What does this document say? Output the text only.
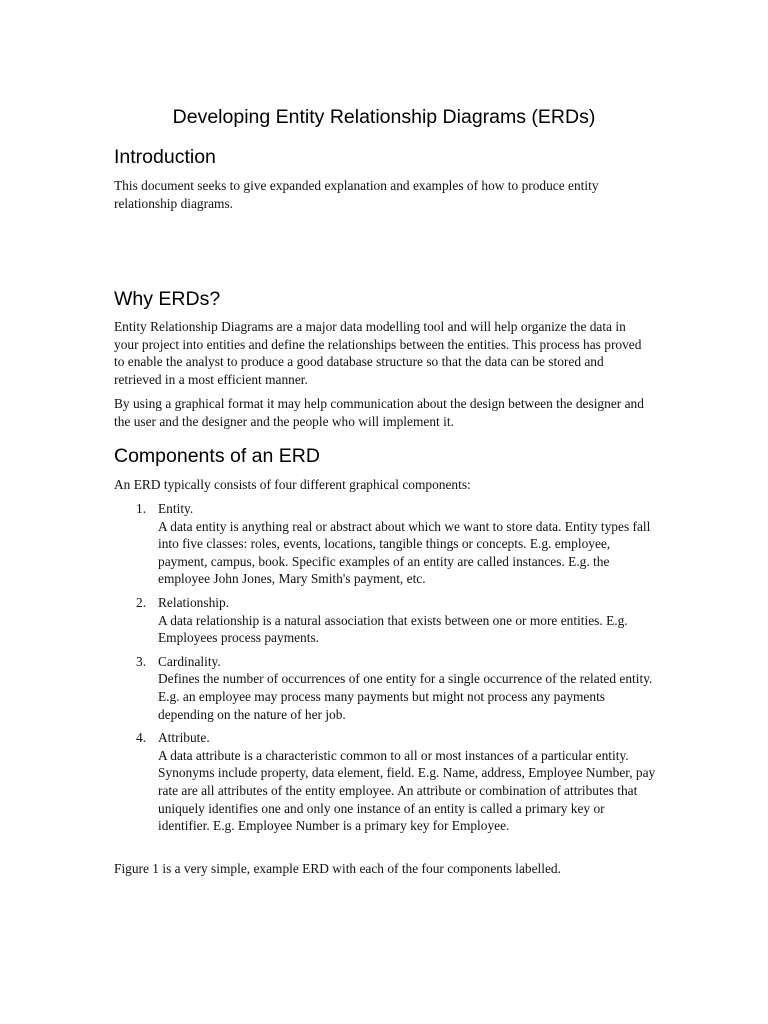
Developing Entity Relationship Diagrams (ERDs)
Introduction

This document seeks to give expanded explanation and examples of how to produce entity relationship diagrams.

Why ERDs?

Entity Relationship Diagrams are a major data modelling tool and will help organize the data in your project into entities and define the relationships between the entities. This process has proved to enable the analyst to produce a good database structure so that the data can be stored and retrieved in a most efficient manner.

By using a graphical format it may help communication about the design between the designer and the user and the designer and the people who will implement it.

Components of an ERD

An ERD typically consists of four different graphical components:

1. Entity.
A data entity is anything real or abstract about which we want to store data. Entity types fall into five classes: roles, events, locations, tangible things or concepts. E.g. employee, payment, campus, book. Specific examples of an entity are called instances. E.g. the employee John Jones, Mary Smith's payment, etc.
2. Relationship.
A data relationship is a natural association that exists between one or more entities. E.g. Employees process payments.
3. Cardinality.
Defines the number of occurrences of one entity for a single occurrence of the related entity. E.g. an employee may process many payments but might not process any payments depending on the nature of her job.
4. Attribute.
A data attribute is a characteristic common to all or most instances of a particular entity. Synonyms include property, data element, field. E.g. Name, address, Employee Number, pay rate are all attributes of the entity employee. An attribute or combination of attributes that uniquely identifies one and only one instance of an entity is called a primary key or identifier. E.g. Employee Number is a primary key for Employee.

Figure 1 is a very simple, example ERD with each of the four components labelled.
